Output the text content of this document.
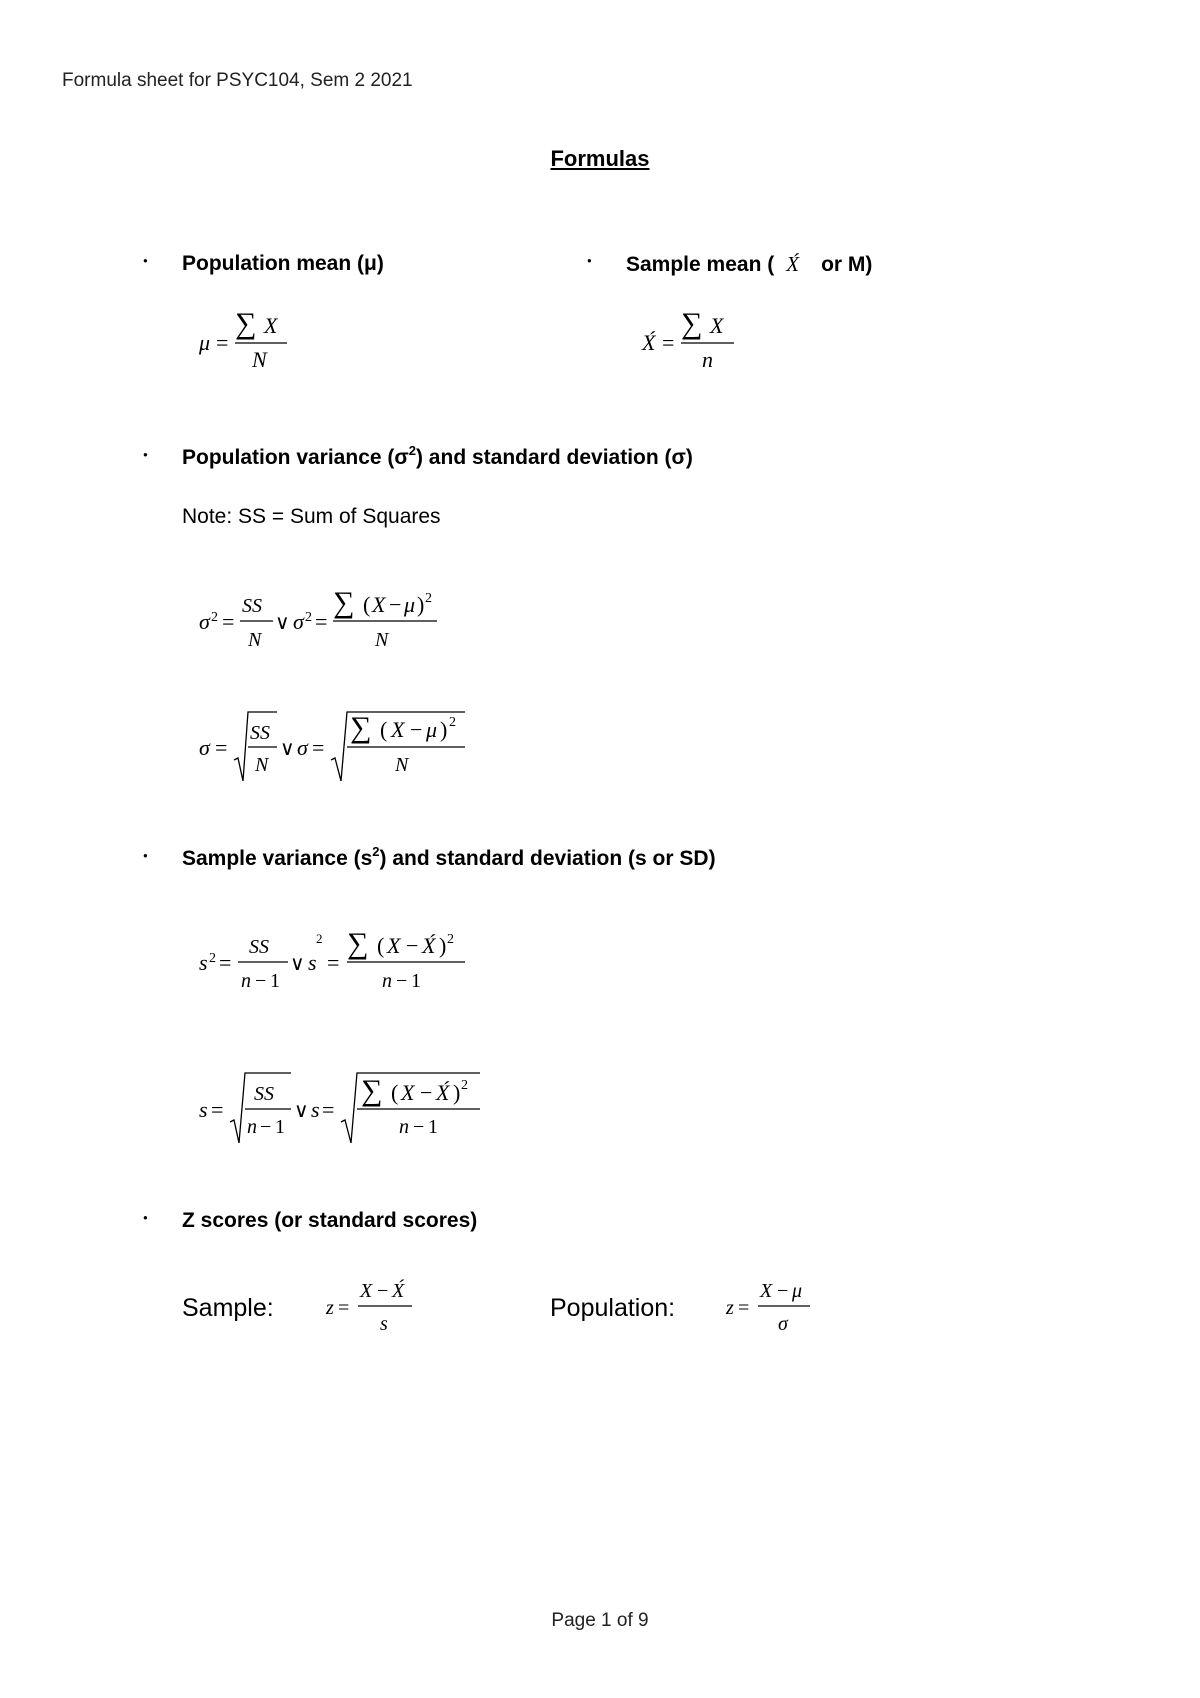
Formula sheet for PSYC104, Sem 2 2021
Formulas
● Population mean (μ)
μ =
∑ X
N
● Sample mean ( X́ or M)
X́ =
∑ X
n
● Population variance $(\sigma^2)$ and standard deviation (σ)
Note: SS = Sum of Squares
σ 2 =
SS
N
∨ σ 2 =
∑ ( X − μ ) 2
N
σ =
SS
N
∨ σ =
∑ ( X − μ ) 2
N
● Sample variance $(s^2)$ and standard deviation (s or SD)
s 2 =
SS
n − 1
∨ s
2
=
∑ ( X − X́ ) 2
n − 1
s =
SS
n − 1
∨ s =
∑ ( X − X́ ) 2
n − 1
● Z scores (or standard scores)
Sample:	z =
X − X́
s
Population:	z =
X − μ
σ
Page 1 of 9
